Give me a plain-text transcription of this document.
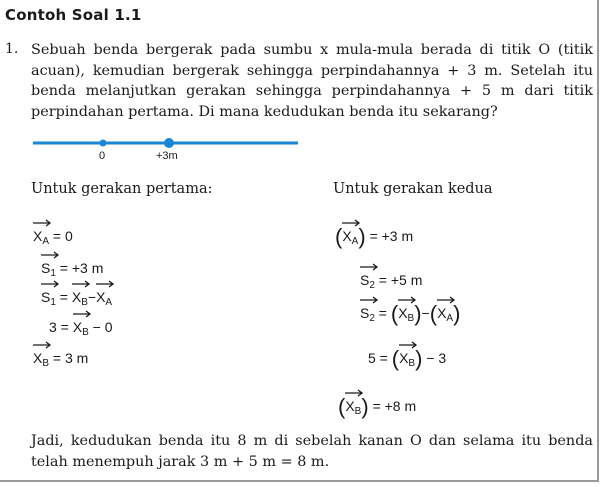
Contoh Soal 1.1
1. Sebuah benda bergerak pada sumbu x mula-mula berada di titik O (titik acuan), kemudian bergerak sehingga perpindahannya + 3 m. Setelah itu benda melanjutkan gerakan sehingga perpindahannya + 5 m dari titik perpindahan pertama. Di mana kedudukan benda itu sekarang?
0	+3m
Untuk gerakan pertama:	Untuk gerakan kedua
$X_A = 0$
$S_1 = +3$ m
$S_1 = X_B-$
$X_A$
$3 = X_B - 0$
$X_B = 3$ m
(
$X_A) = +3$ m
$S_2 = +5$ m
$S_2$ = (
$X_B)-$(
$X_A$)
5 = (
$X_B) - 3$
(
$X_B) = +8$ m
Jadi, kedudukan benda itu 8 m di sebelah kanan O dan selama itu benda telah menempuh jarak 3 m + 5 m = 8 m.
